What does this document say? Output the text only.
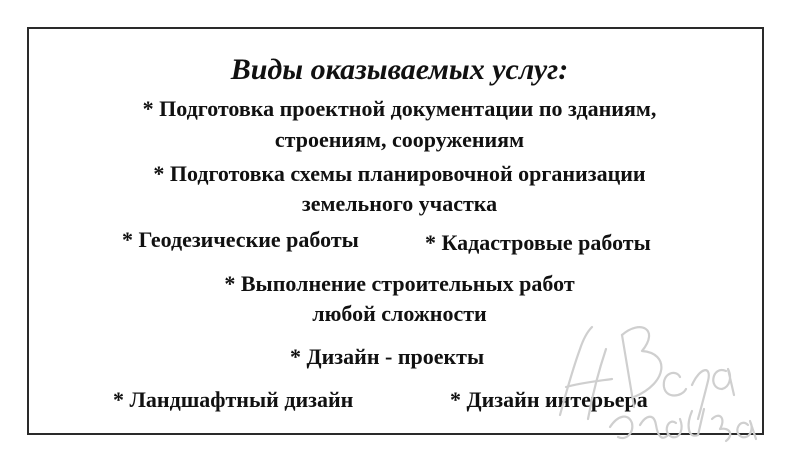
Виды оказываемых услуг:
* Подготовка проектной документации по зданиям,
строениям, сооружениям
* Подготовка схемы планировочной организации
земельного участка
* Геодезические работы	* Кадастровые работы
* Выполнение строительных работ
любой сложности
* Дизайн - проекты
* Ландшафтный дизайн	* Дизайн интерьера
